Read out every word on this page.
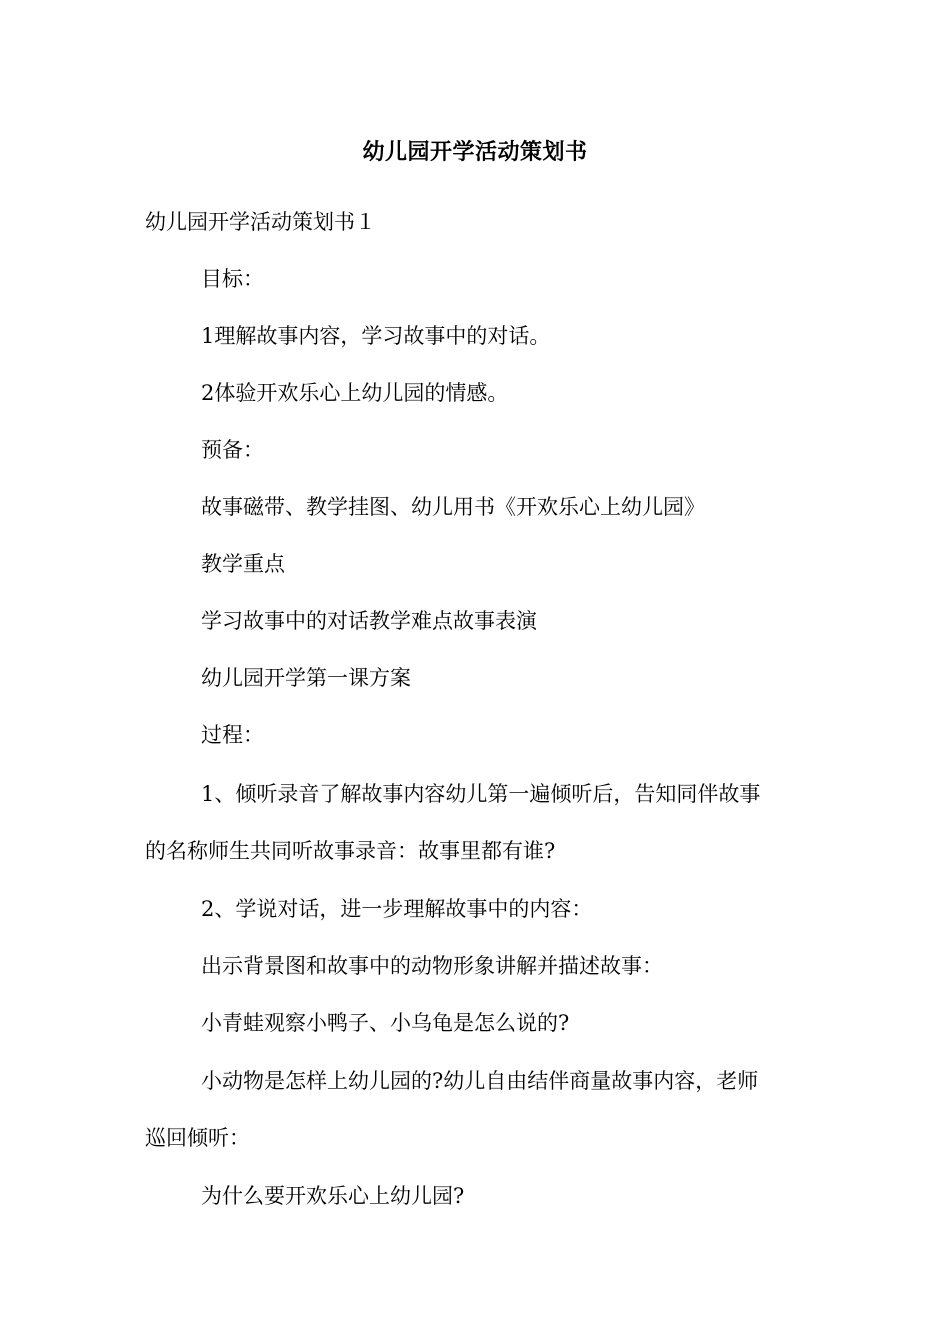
幼儿园开学活动策划书
幼儿园开学活动策划书１
目标：
1理解故事内容，学习故事中的对话。
2体验开欢乐心上幼儿园的情感。
预备：
故事磁带、教学挂图、幼儿用书《开欢乐心上幼儿园》
教学重点
学习故事中的对话教学难点故事表演
幼儿园开学第一课方案
过程：
1、倾听录音了解故事内容幼儿第一遍倾听后，告知同伴故事
的名称师生共同听故事录音：故事里都有谁?
2、学说对话，进一步理解故事中的内容：
出示背景图和故事中的动物形象讲解并描述故事：
小青蛙观察小鸭子、小乌龟是怎么说的?
小动物是怎样上幼儿园的?幼儿自由结伴商量故事内容，老师
巡回倾听：
为什么要开欢乐心上幼儿园?
